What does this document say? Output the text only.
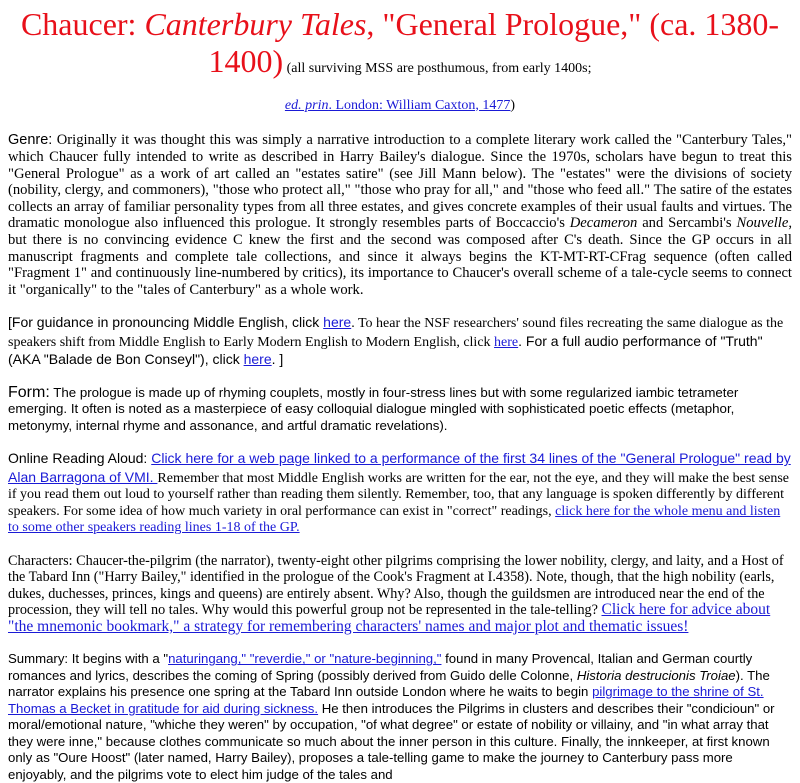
Chaucer: Canterbury Tales, "General Prologue," (ca. 1380-1400) (all surviving MSS are posthumous, from early 1400s;
ed. prin. London: William Caxton, 1477)

Genre: Originally it was thought this was simply a narrative introduction to a complete literary work called the "Canterbury Tales," which Chaucer fully intended to write as described in Harry Bailey's dialogue. Since the 1970s, scholars have begun to treat this "General Prologue" as a work of art called an "estates satire" (see Jill Mann below). The "estates" were the divisions of society (nobility, clergy, and commoners), "those who protect all," "those who pray for all," and "those who feed all." The satire of the estates collects an array of familiar personality types from all three estates, and gives concrete examples of their usual faults and virtues. The dramatic monologue also influenced this prologue. It strongly resembles parts of Boccaccio's Decameron and Sercambi's Nouvelle, but there is no convincing evidence C knew the first and the second was composed after C's death. Since the GP occurs in all manuscript fragments and complete tale collections, and since it always begins the KT-MT-RT-CFrag sequence (often called "Fragment 1" and continuously line-numbered by critics), its importance to Chaucer's overall scheme of a tale-cycle seems to connect it "organically" to the "tales of Canterbury" as a whole work.

[For guidance in pronouncing Middle English, click here. To hear the NSF researchers' sound files recreating the same dialogue as the speakers shift from Middle English to Early Modern English to Modern English, click here. For a full audio performance of "Truth" (AKA "Balade de Bon Conseyl"), click here. ]

Form: The prologue is made up of rhyming couplets, mostly in four-stress lines but with some regularized iambic tetrameter emerging. It often is noted as a masterpiece of easy colloquial dialogue mingled with sophisticated poetic effects (metaphor, metonymy, internal rhyme and assonance, and artful dramatic revelations).

Online Reading Aloud: Click here for a web page linked to a performance of the first 34 lines of the "General Prologue" read by Alan Barragona of VMI. Remember that most Middle English works are written for the ear, not the eye, and they will make the best sense if you read them out loud to yourself rather than reading them silently. Remember, too, that any language is spoken differently by different speakers. For some idea of how much variety in oral performance can exist in "correct" readings, click here for the whole menu and listen to some other speakers reading lines 1-18 of the GP.

Characters: Chaucer-the-pilgrim (the narrator), twenty-eight other pilgrims comprising the lower nobility, clergy, and laity, and a Host of the Tabard Inn ("Harry Bailey," identified in the prologue of the Cook's Fragment at I.4358). Note, though, that the high nobility (earls, dukes, duchesses, princes, kings and queens) are entirely absent. Why? Also, though the guildsmen are introduced near the end of the procession, they will tell no tales. Why would this powerful group not be represented in the tale-telling? Click here for advice about "the mnemonic bookmark," a strategy for remembering characters' names and major plot and thematic issues!

Summary: It begins with a "naturingang," "reverdie," or "nature-beginning," found in many Provencal, Italian and German courtly romances and lyrics, describes the coming of Spring (possibly derived from Guido delle Colonne, Historia destrucionis Troiae). The narrator explains his presence one spring at the Tabard Inn outside London where he waits to begin pilgrimage to the shrine of St. Thomas a Becket in gratitude for aid during sickness. He then introduces the Pilgrims in clusters and describes their "condicioun" or moral/emotional nature, "whiche they weren" by occupation, "of what degree" or estate of nobility or villainy, and "in what array that they were inne," because clothes communicate so much about the inner person in this culture. Finally, the innkeeper, at first known only as "Oure Hoost" (later named, Harry Bailey), proposes a tale-telling game to make the journey to Canterbury pass more enjoyably, and the pilgrims vote to elect him judge of the tales and
